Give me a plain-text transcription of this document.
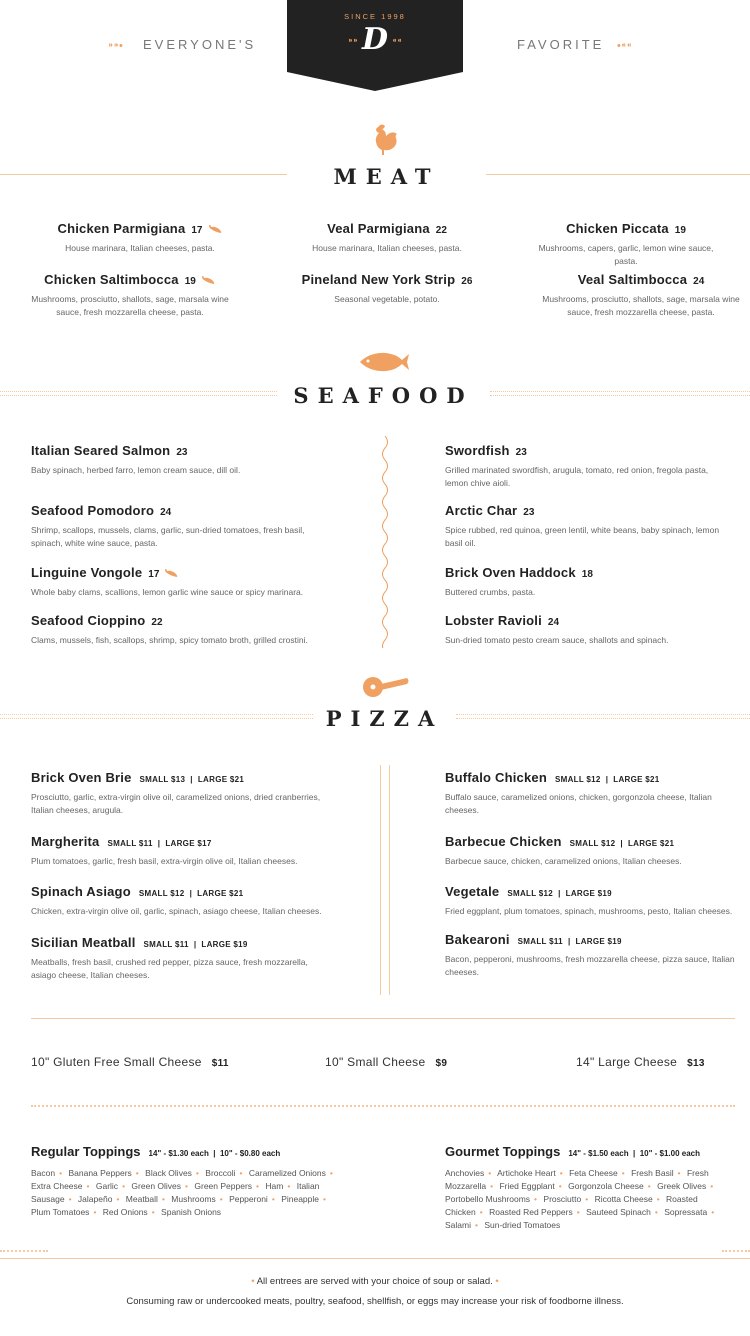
⁍⁍• EVERYONE'S	FAVORITE •⁌⁌
SINCE 1998
D
⁍⁍	⁌⁌
MEAT
Chicken Parmigiana 17
House marinara, Italian cheeses, pasta.
Veal Parmigiana 22
House marinara, Italian cheeses, pasta.
Chicken Piccata 19
Mushrooms, capers, garlic, lemon wine sauce, pasta.
Chicken Saltimbocca 19
Mushrooms, prosciutto, shallots, sage, marsala wine sauce, fresh mozzarella cheese, pasta.
Pineland New York Strip 26
Seasonal vegetable, potato.
Veal Saltimbocca 24
Mushrooms, prosciutto, shallots, sage, marsala wine sauce, fresh mozzarella cheese, pasta.
SEAFOOD
Italian Seared Salmon 23
Baby spinach, herbed farro, lemon cream sauce, dill oil.
Seafood Pomodoro 24
Shrimp, scallops, mussels, clams, garlic, sun-dried tomatoes, fresh basil, spinach, white wine sauce, pasta.
Linguine Vongole 17
Whole baby clams, scallions, lemon garlic wine sauce or spicy marinara.
Seafood Cioppino 22
Clams, mussels, fish, scallops, shrimp, spicy tomato broth, grilled crostini.
Swordfish 23
Grilled marinated swordfish, arugula, tomato, red onion, fregola pasta, lemon chive aioli.
Arctic Char 23
Spice rubbed, red quinoa, green lentil, white beans, baby spinach, lemon basil oil.
Brick Oven Haddock 18
Buttered crumbs, pasta.
Lobster Ravioli 24
Sun-dried tomato pesto cream sauce, shallots and spinach.
PIZZA
Brick Oven Brie SMALL $13  |  LARGE $21
Prosciutto, garlic, extra-virgin olive oil, caramelized onions, dried cranberries, Italian cheeses, arugula.
Margherita SMALL $11  |  LARGE $17
Plum tomatoes, garlic, fresh basil, extra-virgin olive oil, Italian cheeses.
Spinach Asiago SMALL $12  |  LARGE $21
Chicken, extra-virgin olive oil, garlic, spinach, asiago cheese, Italian cheeses.
Sicilian Meatball SMALL $11  |  LARGE $19
Meatballs, fresh basil, crushed red pepper, pizza sauce, fresh mozzarella, asiago cheese, Italian cheeses.
Buffalo Chicken SMALL $12  |  LARGE $21
Buffalo sauce, caramelized onions, chicken, gorgonzola cheese, Italian cheeses.
Barbecue Chicken SMALL $12  |  LARGE $21
Barbecue sauce, chicken, caramelized onions, Italian cheeses.
Vegetale SMALL $12  |  LARGE $19
Fried eggplant, plum tomatoes, spinach, mushrooms, pesto, Italian cheeses.
Bakearoni SMALL $11  |  LARGE $19
Bacon, pepperoni, mushrooms, fresh mozzarella cheese, pizza sauce, Italian cheeses.
10" Gluten Free Small Cheese $11	10" Small Cheese $9	14" Large Cheese $13
Regular Toppings 14" - $1.30 each  |  10" - $0.80 each
Bacon • Banana Peppers • Black Olives • Broccoli • Caramelized Onions • Extra Cheese • Garlic • Green Olives • Green Peppers • Ham • Italian Sausage • Jalapeño • Meatball • Mushrooms • Pepperoni • Pineapple • Plum Tomatoes • Red Onions • Spanish Onions
Gourmet Toppings 14" - $1.50 each  |  10" - $1.00 each
Anchovies • Artichoke Heart • Feta Cheese • Fresh Basil • Fresh Mozzarella • Fried Eggplant • Gorgonzola Cheese • Greek Olives • Portobello Mushrooms • Prosciutto • Ricotta Cheese • Roasted Chicken • Roasted Red Peppers • Sauteed Spinach • Sopressata • Salami • Sun-dried Tomatoes
• All entrees are served with your choice of soup or salad. •
Consuming raw or undercooked meats, poultry, seafood, shellfish, or eggs may increase your risk of foodborne illness.
